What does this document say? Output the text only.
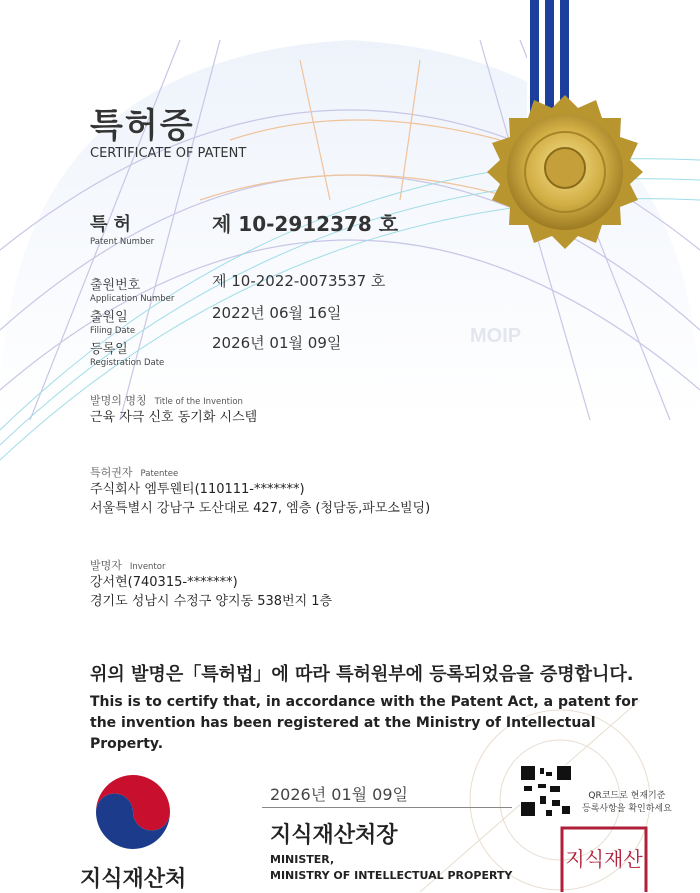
지식재산
MOIP
특허증
CERTIFICATE OF PATENT
특 허
Patent Number
제 10-2912378 호
출원번호
Application Number
제 10-2022-0073537 호
출원일
Filing Date
2022년 06월 16일
등록일
Registration Date
2026년 01월 09일
발명의 명칭 Title of the Invention
근육 자극 신호 동기화 시스템
특허권자 Patentee
주식회사 엠투웬티(110111-*******)
서울특별시 강남구 도산대로 427, 엠층 (청담동,파모소빌딩)
발명자 Inventor
강서현(740315-*******)
경기도 성남시 수정구 양지동 538번지 1층
위의 발명은「특허법」에 따라 특허원부에 등록되었음을 증명합니다.
This is to certify that, in accordance with the Patent Act, a patent for the invention has been registered at the Ministry of Intellectual Property.
2026년 01월 09일
지식재산처장
MINISTER,
MINISTRY OF INTELLECTUAL PROPERTY
QR코드로 현재기준
등록사항을 확인하세요
지식재산처
